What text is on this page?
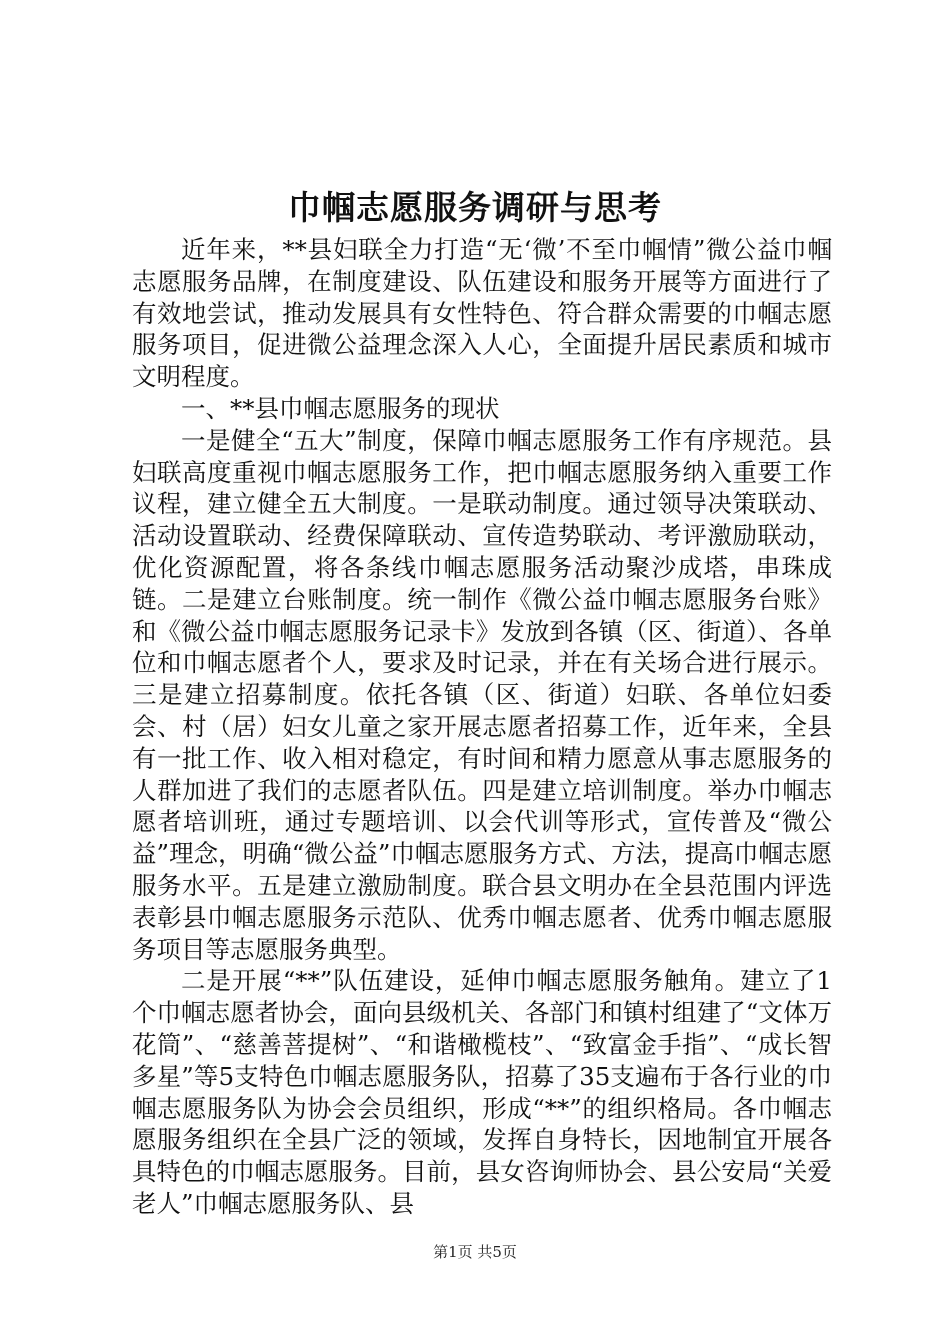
巾帼志愿服务调研与思考

近年来，**县妇联全力打造“无‘微’不至巾帼情”微公益巾帼志愿服务品牌，在制度建设、队伍建设和服务开展等方面进行了有效地尝试，推动发展具有女性特色、符合群众需要的巾帼志愿服务项目，促进微公益理念深入人心，全面提升居民素质和城市文明程度。

一、**县巾帼志愿服务的现状

一是健全“五大”制度，保障巾帼志愿服务工作有序规范。县妇联高度重视巾帼志愿服务工作，把巾帼志愿服务纳入重要工作议程，建立健全五大制度。一是联动制度。通过领导决策联动、活动设置联动、经费保障联动、宣传造势联动、考评激励联动，优化资源配置，将各条线巾帼志愿服务活动聚沙成塔，串珠成链。二是建立台账制度。统一制作《微公益巾帼志愿服务台账》和《微公益巾帼志愿服务记录卡》发放到各镇（区、街道）、各单位和巾帼志愿者个人，要求及时记录，并在有关场合进行展示。三是建立招募制度。依托各镇（区、街道）妇联、各单位妇委会、村（居）妇女儿童之家开展志愿者招募工作，近年来，全县有一批工作、收入相对稳定，有时间和精力愿意从事志愿服务的人群加进了我们的志愿者队伍。四是建立培训制度。举办巾帼志愿者培训班，通过专题培训、以会代训等形式，宣传普及“微公益”理念，明确“微公益”巾帼志愿服务方式、方法，提高巾帼志愿服务水平。五是建立激励制度。联合县文明办在全县范围内评选表彰县巾帼志愿服务示范队、优秀巾帼志愿者、优秀巾帼志愿服务项目等志愿服务典型。

二是开展“**”队伍建设，延伸巾帼志愿服务触角。建立了1个巾帼志愿者协会，面向县级机关、各部门和镇村组建了“文体万花筒”、“慈善菩提树”、“和谐橄榄枝”、“致富金手指”、“成长智多星”等5支特色巾帼志愿服务队，招募了35支遍布于各行业的巾帼志愿服务队为协会会员组织，形成“**”的组织格局。各巾帼志愿服务组织在全县广泛的领域，发挥自身特长，因地制宜开展各具特色的巾帼志愿服务。目前，县女咨询师协会、县公安局“关爱老人”巾帼志愿服务队、县

第1页 共5页
